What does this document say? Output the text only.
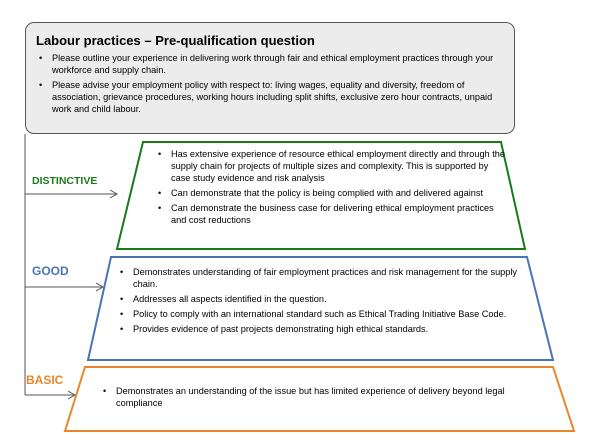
Labour practices – Pre-qualification question
• Please outline your experience in delivering work through fair and ethical employment practices through your workforce and supply chain.
• Please advise your employment policy with respect to: living wages, equality and diversity, freedom of association, grievance procedures, working hours including split shifts, exclusive zero hour contracts, unpaid work and child labour.
DISTINCTIVE
GOOD
BASIC
• Has extensive experience of resource ethical employment directly and through the supply chain for projects of multiple sizes and complexity. This is supported by case study evidence and risk analysis
• Can demonstrate that the policy is being complied with and delivered against
• Can demonstrate the business case for delivering ethical employment practices and cost reductions
• Demonstrates understanding of fair employment practices and risk management for the supply chain.
• Addresses all aspects identified in the question.
• Policy to comply with an international standard such as Ethical Trading Initiative Base Code.
• Provides evidence of past projects demonstrating high ethical standards.
• Demonstrates an understanding of the issue but has limited experience of delivery beyond legal compliance
